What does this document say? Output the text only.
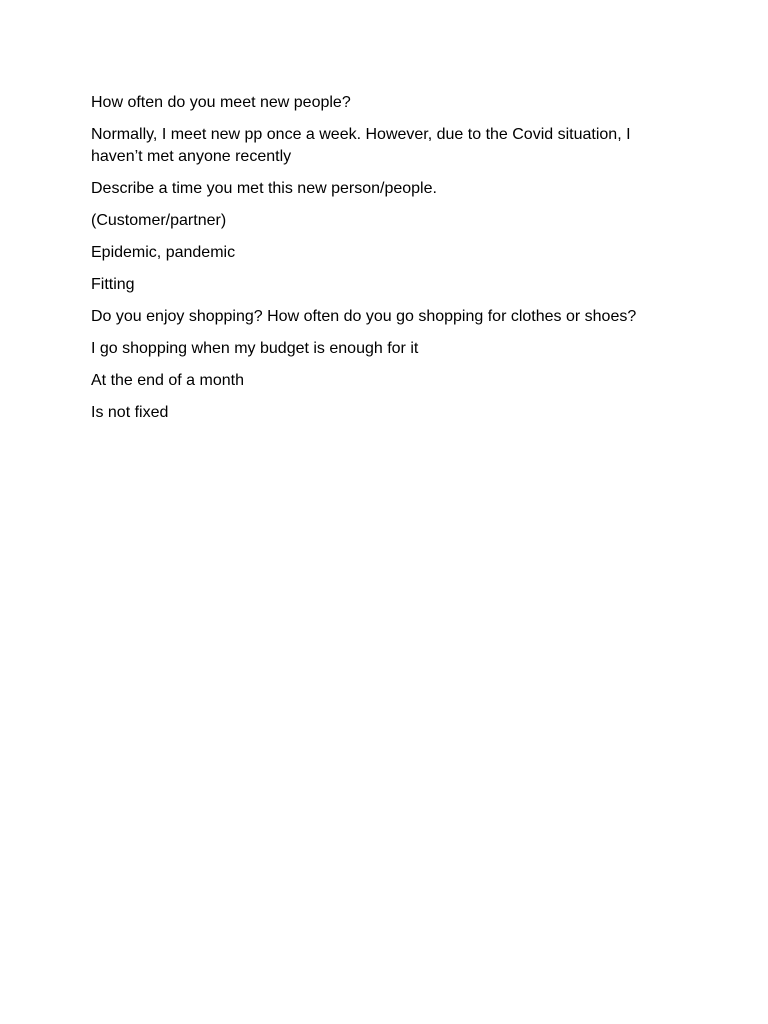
How often do you meet new people?

Normally, I meet new pp once a week. However, due to the Covid situation, I haven’t met anyone recently

Describe a time you met this new person/people.

(Customer/partner)

Epidemic, pandemic

Fitting

Do you enjoy shopping? How often do you go shopping for clothes or shoes?

I go shopping when my budget is enough for it

At the end of a month

Is not fixed
